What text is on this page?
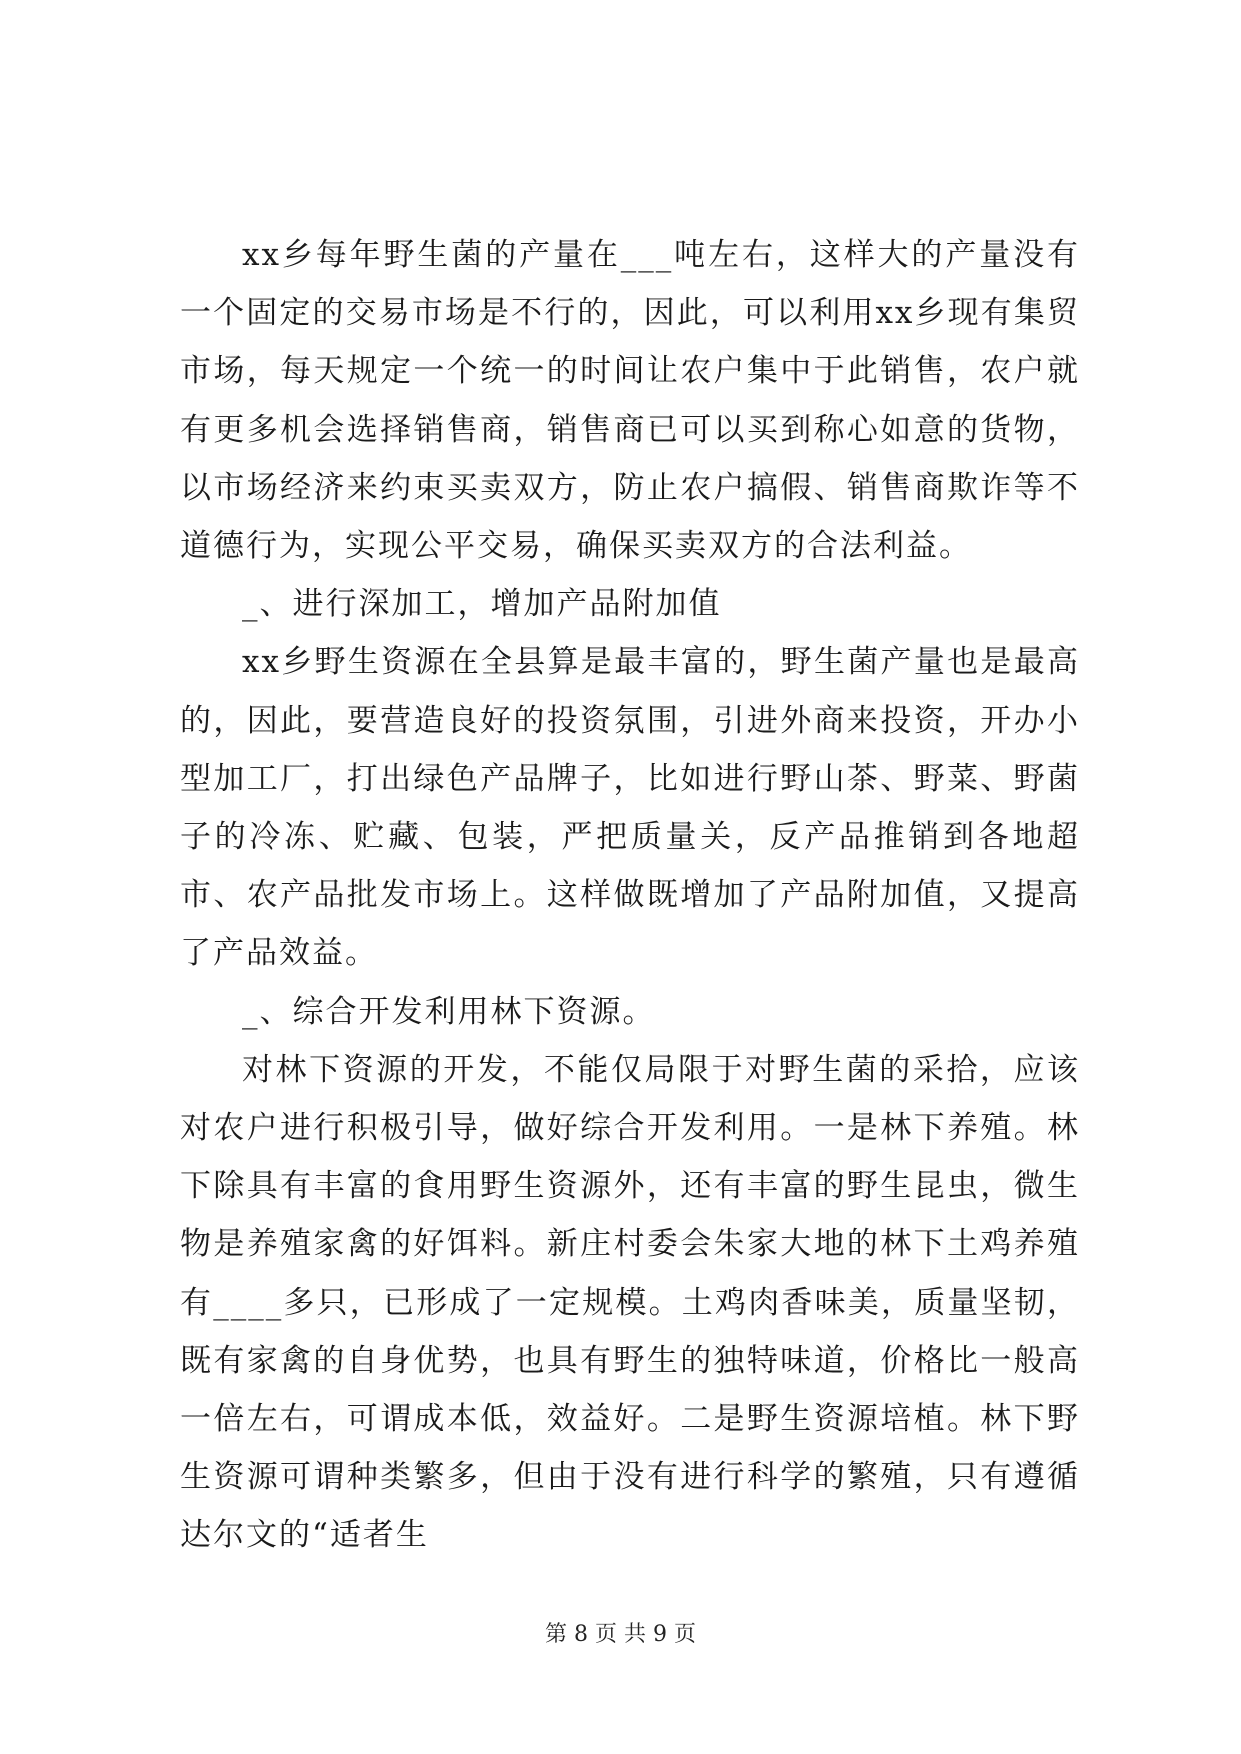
xx乡每年野生菌的产量在___吨左右，这样大的产量没有一个固定的交易市场是不行的，因此，可以利用xx乡现有集贸市场，每天规定一个统一的时间让农户集中于此销售，农户就有更多机会选择销售商，销售商已可以买到称心如意的货物，以市场经济来约束买卖双方，防止农户搞假、销售商欺诈等不道德行为，实现公平交易，确保买卖双方的合法利益。

_、进行深加工，增加产品附加值

xx乡野生资源在全县算是最丰富的，野生菌产量也是最高的，因此，要营造良好的投资氛围，引进外商来投资，开办小型加工厂，打出绿色产品牌子，比如进行野山茶、野菜、野菌子的冷冻、贮藏、包装，严把质量关，反产品推销到各地超市、农产品批发市场上。这样做既增加了产品附加值，又提高了产品效益。

_、综合开发利用林下资源。

对林下资源的开发，不能仅局限于对野生菌的采拾，应该对农户进行积极引导，做好综合开发利用。一是林下养殖。林下除具有丰富的食用野生资源外，还有丰富的野生昆虫，微生物是养殖家禽的好饵料。新庄村委会朱家大地的林下土鸡养殖有____多只，已形成了一定规模。土鸡肉香味美，质量坚韧，既有家禽的自身优势，也具有野生的独特味道，价格比一般高一倍左右，可谓成本低，效益好。二是野生资源培植。林下野生资源可谓种类繁多，但由于没有进行科学的繁殖，只有遵循达尔文的“适者生

第 8 页 共 9 页
